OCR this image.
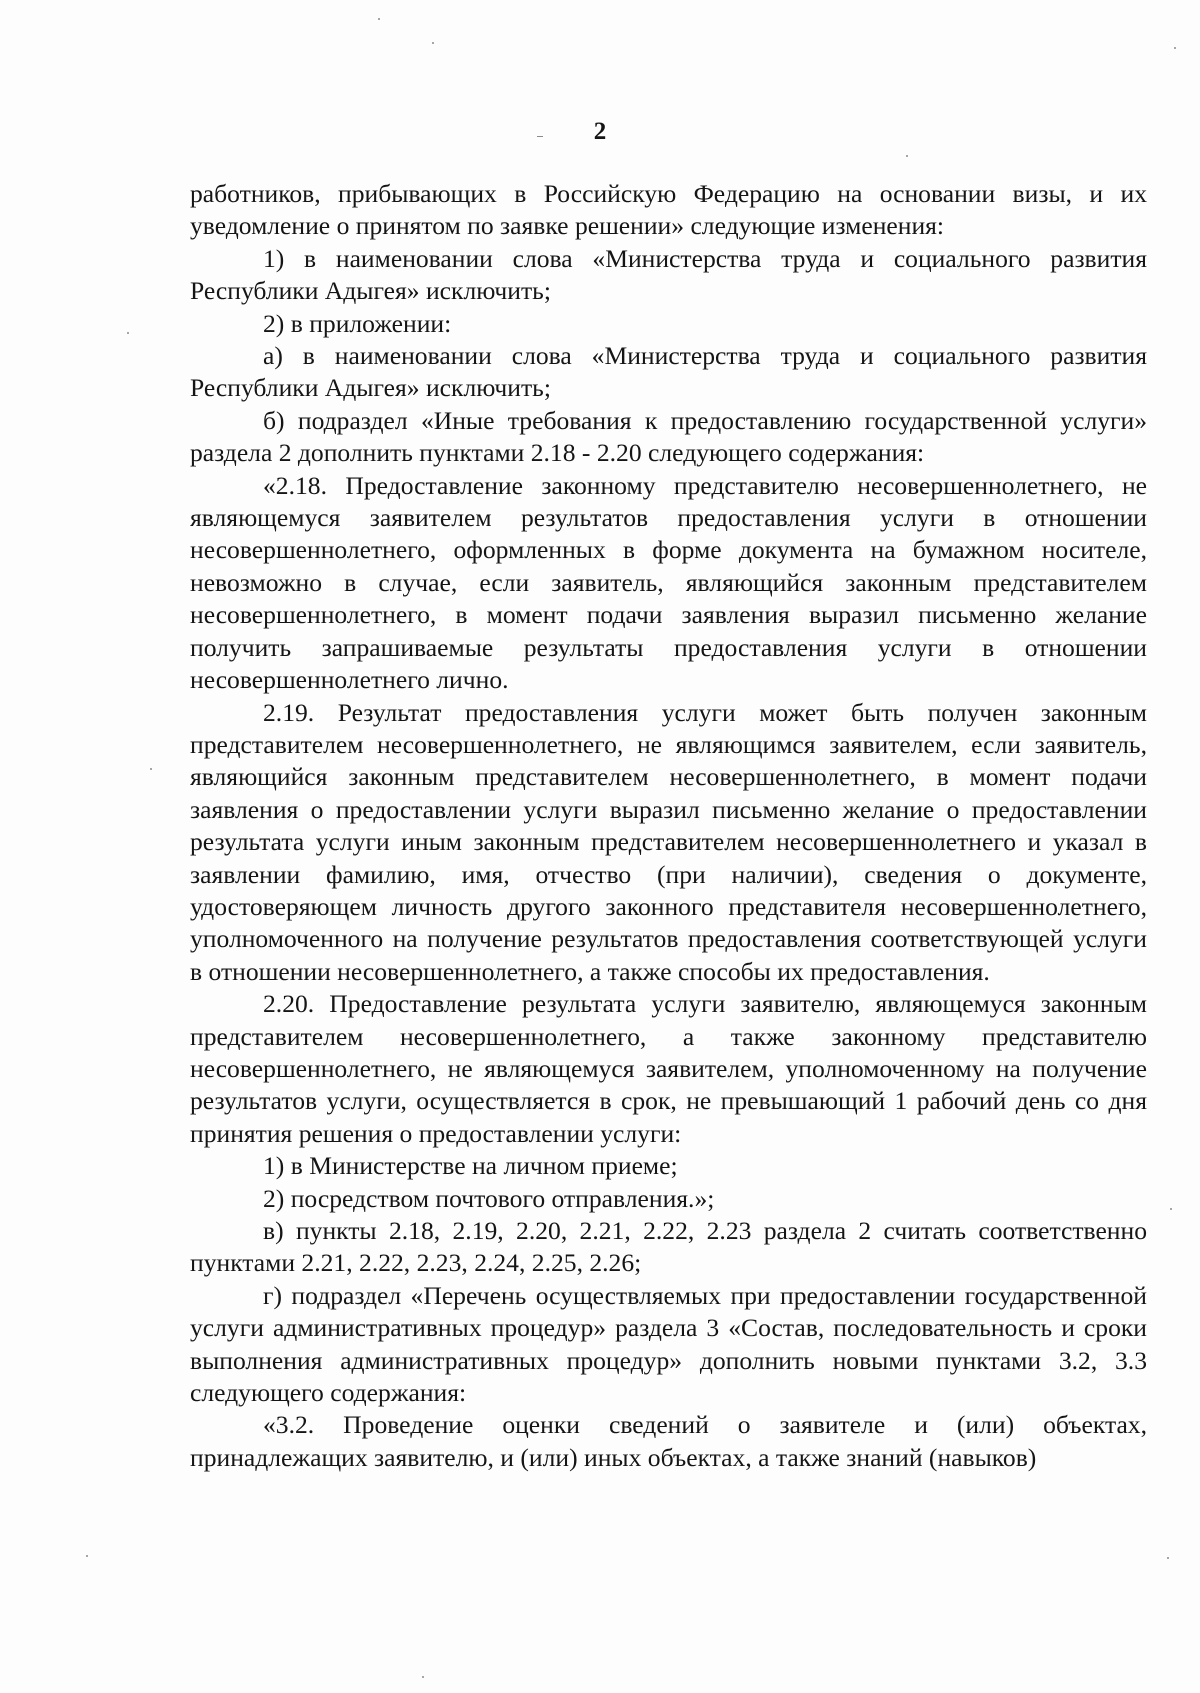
2

работников, прибывающих в Российскую Федерацию на основании визы, и их уведомление о принятом по заявке решении» следующие изменения:

1) в наименовании слова «Министерства труда и социального развития Республики Адыгея» исключить;

2) в приложении:

а) в наименовании слова «Министерства труда и социального развития Республики Адыгея» исключить;

б) подраздел «Иные требования к предоставлению государственной услуги» раздела 2 дополнить пунктами 2.18 - 2.20 следующего содержания:

«2.18. Предоставление законному представителю несовершеннолетнего, не являющемуся заявителем результатов предоставления услуги в отношении несовершеннолетнего, оформленных в форме документа на бумажном носителе, невозможно в случае, если заявитель, являющийся законным представителем несовершеннолетнего, в момент подачи заявления выразил письменно желание получить запрашиваемые результаты предоставления услуги в отношении несовершеннолетнего лично.

2.19. Результат предоставления услуги может быть получен законным представителем несовершеннолетнего, не являющимся заявителем, если заявитель, являющийся законным представителем несовершеннолетнего, в момент подачи заявления о предоставлении услуги выразил письменно желание о предоставлении результата услуги иным законным представителем несовершеннолетнего и указал в заявлении фамилию, имя, отчество (при наличии), сведения о документе, удостоверяющем личность другого законного представителя несовершеннолетнего, уполномоченного на получение результатов предоставления соответствующей услуги в отношении несовершеннолетнего, а также способы их предоставления.

2.20. Предоставление результата услуги заявителю, являющемуся законным представителем несовершеннолетнего, а также законному представителю несовершеннолетнего, не являющемуся заявителем, уполномоченному на получение результатов услуги, осуществляется в срок, не превышающий 1 рабочий день со дня принятия решения о предоставлении услуги:

1) в Министерстве на личном приеме;

2) посредством почтового отправления.»;

в) пункты 2.18, 2.19, 2.20, 2.21, 2.22, 2.23 раздела 2 считать соответственно пунктами 2.21, 2.22, 2.23, 2.24, 2.25, 2.26;

г) подраздел «Перечень осуществляемых при предоставлении государственной услуги административных процедур» раздела 3 «Состав, последовательность и сроки выполнения административных процедур» дополнить новыми пунктами 3.2, 3.3 следующего содержания:

«3.2. Проведение оценки сведений о заявителе и (или) объектах, принадлежащих заявителю, и (или) иных объектах, а также знаний (навыков)
